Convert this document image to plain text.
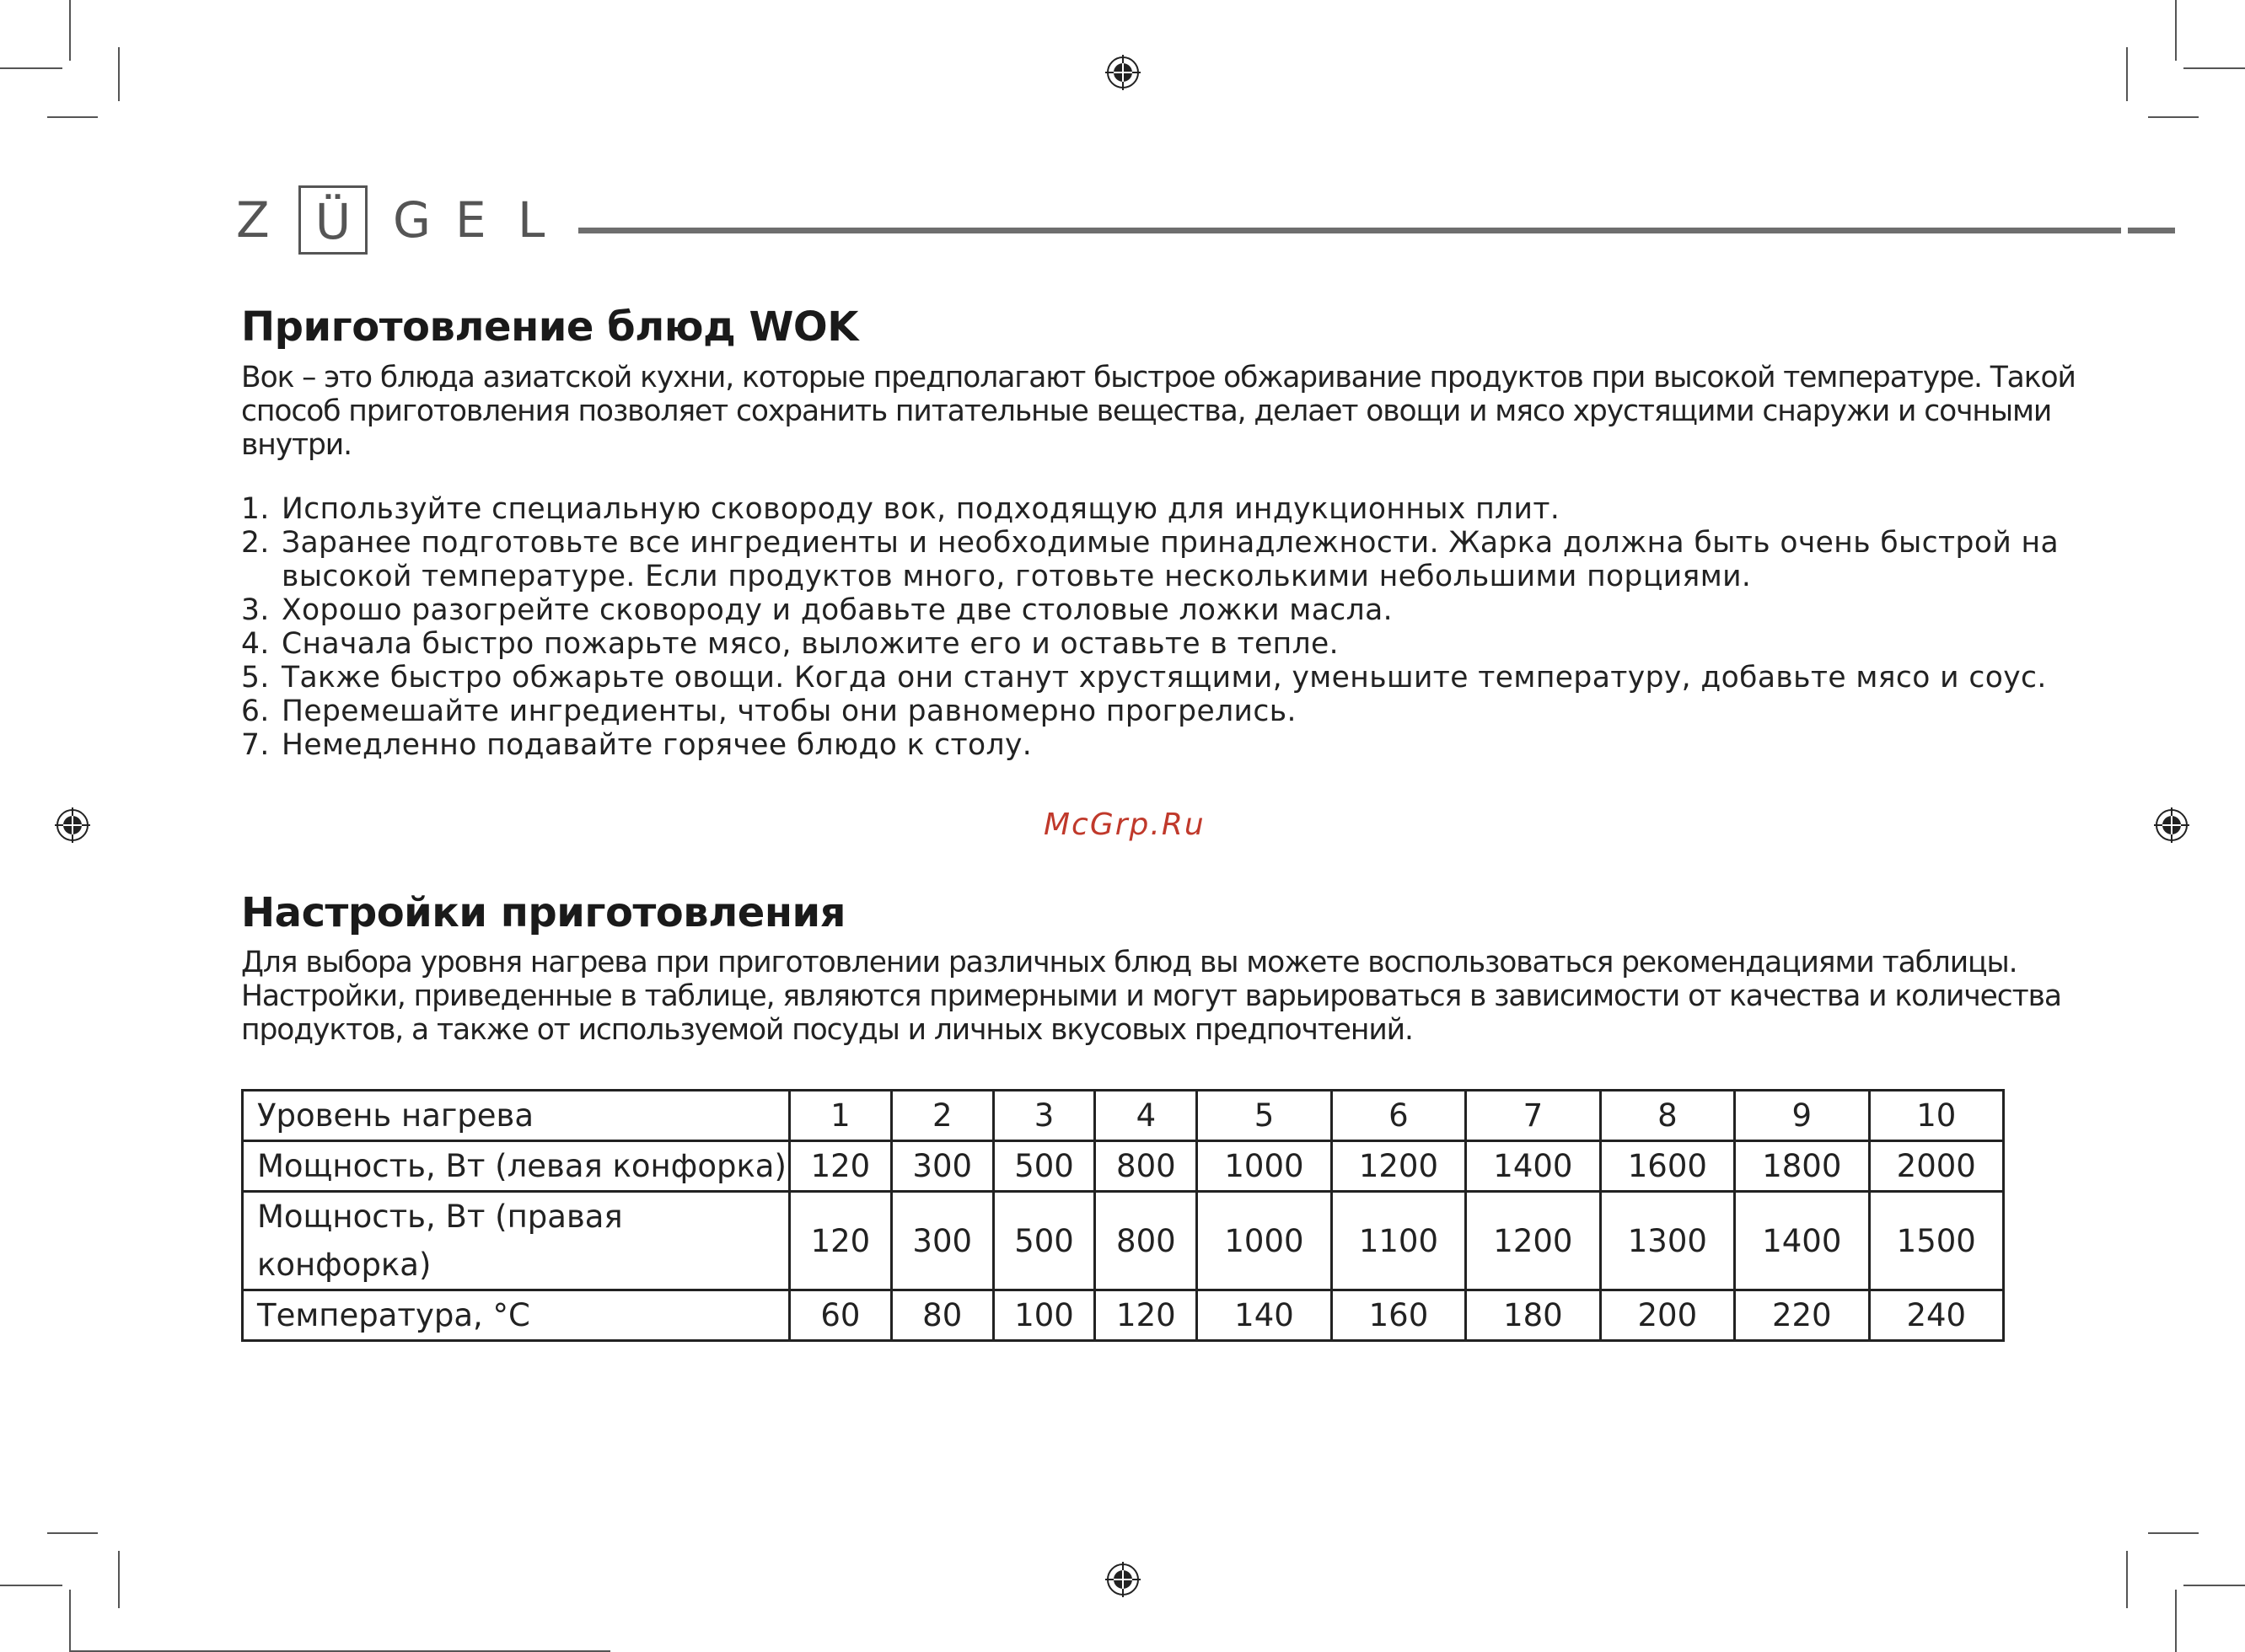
Z Ü G E L
Приготовление блюд WOK
Вок – это блюда азиатской кухни, которые предполагают быстрое обжаривание продуктов при высокой температуре. Такой
способ приготовления позволяет сохранить питательные вещества, делает овощи и мясо хрустящими снаружи и сочными
внутри.
1. Используйте специальную сковороду вок, подходящую для индукционных плит.
2. Заранее подготовьте все ингредиенты и необходимые принадлежности. Жарка должна быть очень быстрой на
высокой температуре. Если продуктов много, готовьте несколькими небольшими порциями.
3. Хорошо разогрейте сковороду и добавьте две столовые ложки масла.
4. Сначала быстро пожарьте мясо, выложите его и оставьте в тепле.
5. Также быстро обжарьте овощи. Когда они станут хрустящими, уменьшите температуру, добавьте мясо и соус.
6. Перемешайте ингредиенты, чтобы они равномерно прогрелись.
7. Немедленно подавайте горячее блюдо к столу.
McGrp.Ru
Настройки приготовления
Для выбора уровня нагрева при приготовлении различных блюд вы можете воспользоваться рекомендациями таблицы.
Настройки, приведенные в таблице, являются примерными и могут варьироваться в зависимости от качества и количества
продуктов, а также от используемой посуды и личных вкусовых предпочтений.
Уровень нагрева	1	2	3	4	5	6	7	8	9	10
Мощность, Вт (левая конфорка)	120	300	500	800	1000	1200	1400	1600	1800	2000
Мощность, Вт (правая конфорка)	120	300	500	800	1000	1100	1200	1300	1400	1500
Температура, °С	60	80	100	120	140	160	180	200	220	240
